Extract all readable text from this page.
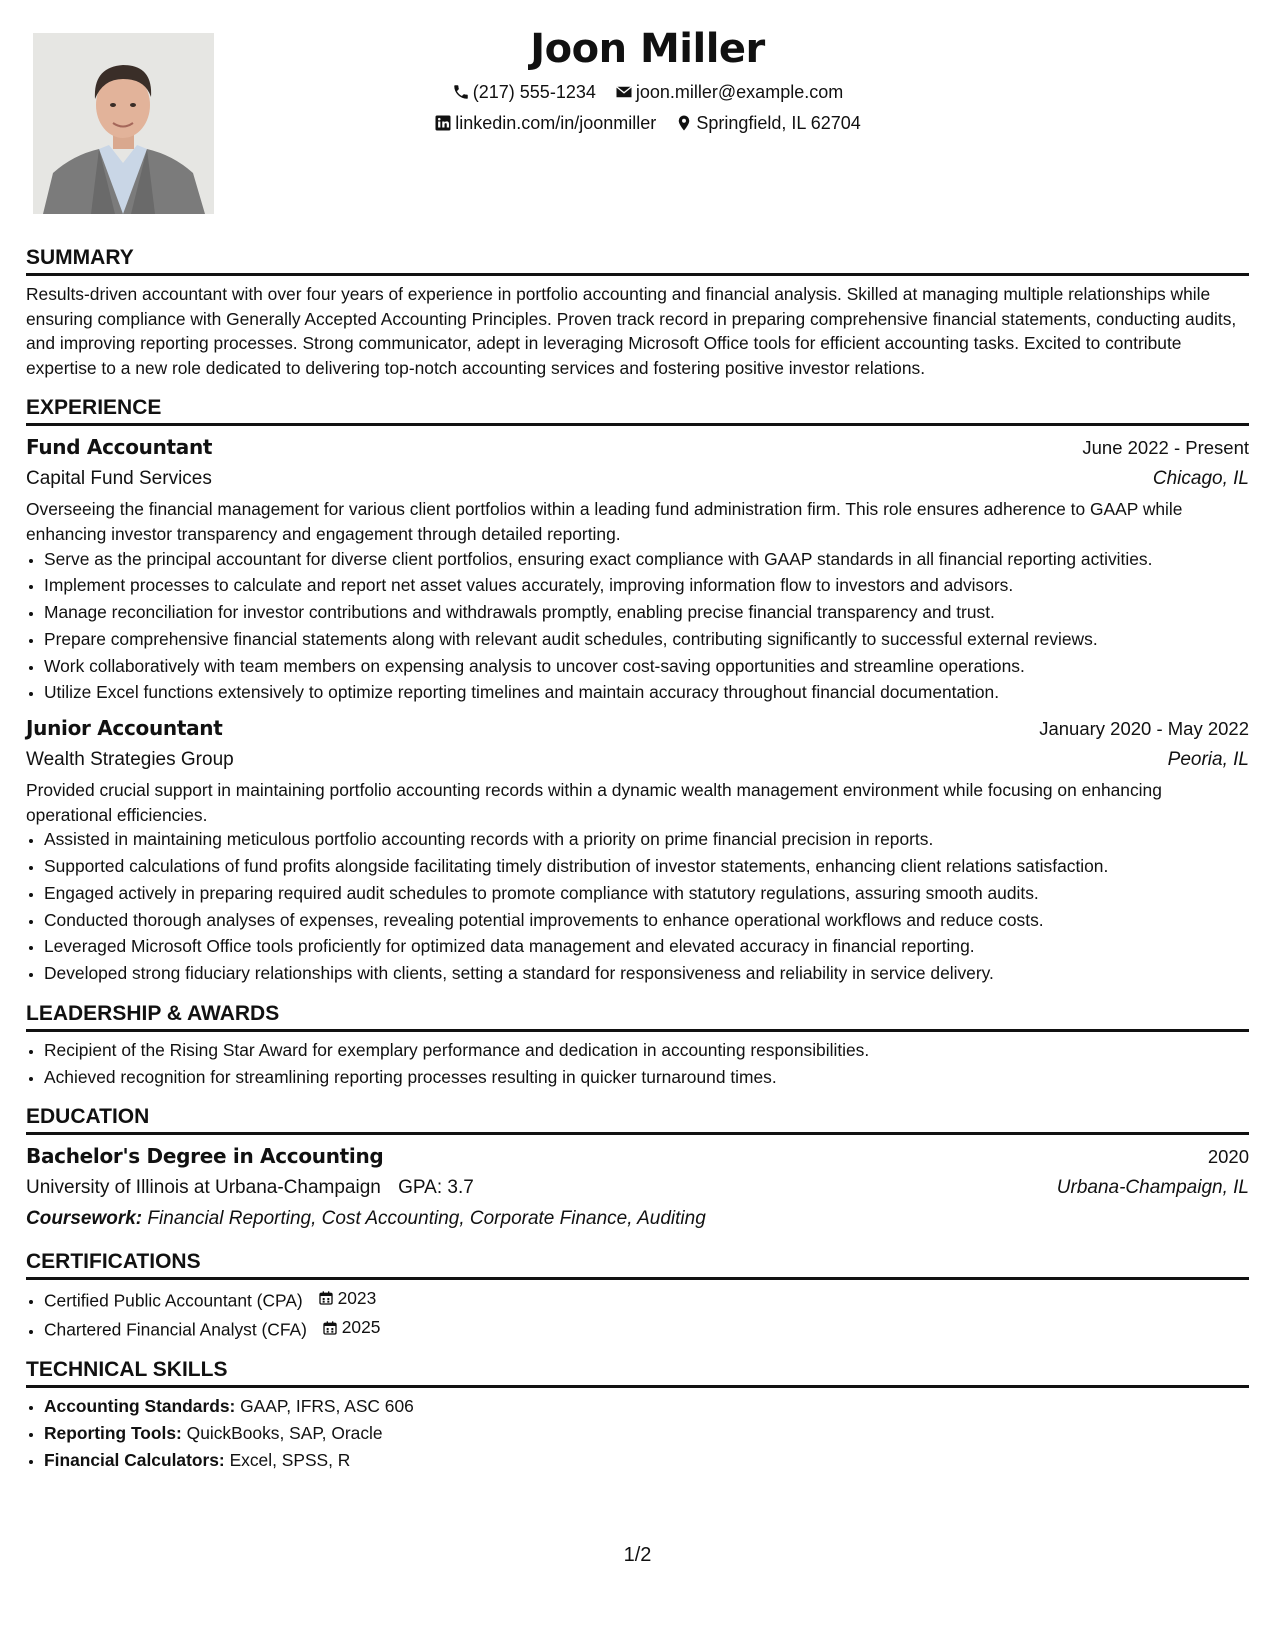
Joon Miller
(217) 555-1234
joon.miller@example.com
linkedin.com/in/joonmiller
Springfield, IL 62704
SUMMARY

Results-driven accountant with over four years of experience in portfolio accounting and financial analysis. Skilled at managing multiple relationships while ensuring compliance with Generally Accepted Accounting Principles. Proven track record in preparing comprehensive financial statements, conducting audits, and improving reporting processes. Strong communicator, adept in leveraging Microsoft Office tools for efficient accounting tasks. Excited to contribute expertise to a new role dedicated to delivering top-notch accounting services and fostering positive investor relations.

EXPERIENCE
Fund Accountant	June 2022 - Present
Capital Fund Services	Chicago, IL

Overseeing the financial management for various client portfolios within a leading fund administration firm. This role ensures adherence to GAAP while enhancing investor transparency and engagement through detailed reporting.

• Serve as the principal accountant for diverse client portfolios, ensuring exact compliance with GAAP standards in all financial reporting activities.
• Implement processes to calculate and report net asset values accurately, improving information flow to investors and advisors.
• Manage reconciliation for investor contributions and withdrawals promptly, enabling precise financial transparency and trust.
• Prepare comprehensive financial statements along with relevant audit schedules, contributing significantly to successful external reviews.
• Work collaboratively with team members on expensing analysis to uncover cost-saving opportunities and streamline operations.
• Utilize Excel functions extensively to optimize reporting timelines and maintain accuracy throughout financial documentation.
Junior Accountant	January 2020 - May 2022
Wealth Strategies Group	Peoria, IL

Provided crucial support in maintaining portfolio accounting records within a dynamic wealth management environment while focusing on enhancing operational efficiencies.

• Assisted in maintaining meticulous portfolio accounting records with a priority on prime financial precision in reports.
• Supported calculations of fund profits alongside facilitating timely distribution of investor statements, enhancing client relations satisfaction.
• Engaged actively in preparing required audit schedules to promote compliance with statutory regulations, assuring smooth audits.
• Conducted thorough analyses of expenses, revealing potential improvements to enhance operational workflows and reduce costs.
• Leveraged Microsoft Office tools proficiently for optimized data management and elevated accuracy in financial reporting.
• Developed strong fiduciary relationships with clients, setting a standard for responsiveness and reliability in service delivery.
LEADERSHIP & AWARDS
• Recipient of the Rising Star Award for exemplary performance and dedication in accounting responsibilities.
• Achieved recognition for streamlining reporting processes resulting in quicker turnaround times.
EDUCATION
Bachelor's Degree in Accounting	2020
University of Illinois at Urbana-Champaign GPA: 3.7	Urbana-Champaign, IL
Coursework: Financial Reporting, Cost Accounting, Corporate Finance, Auditing
CERTIFICATIONS
• Certified Public Accountant (CPA) 2023
• Chartered Financial Analyst (CFA) 2025
TECHNICAL SKILLS
• Accounting Standards: GAAP, IFRS, ASC 606
• Reporting Tools: QuickBooks, SAP, Oracle
• Financial Calculators: Excel, SPSS, R
1/2
